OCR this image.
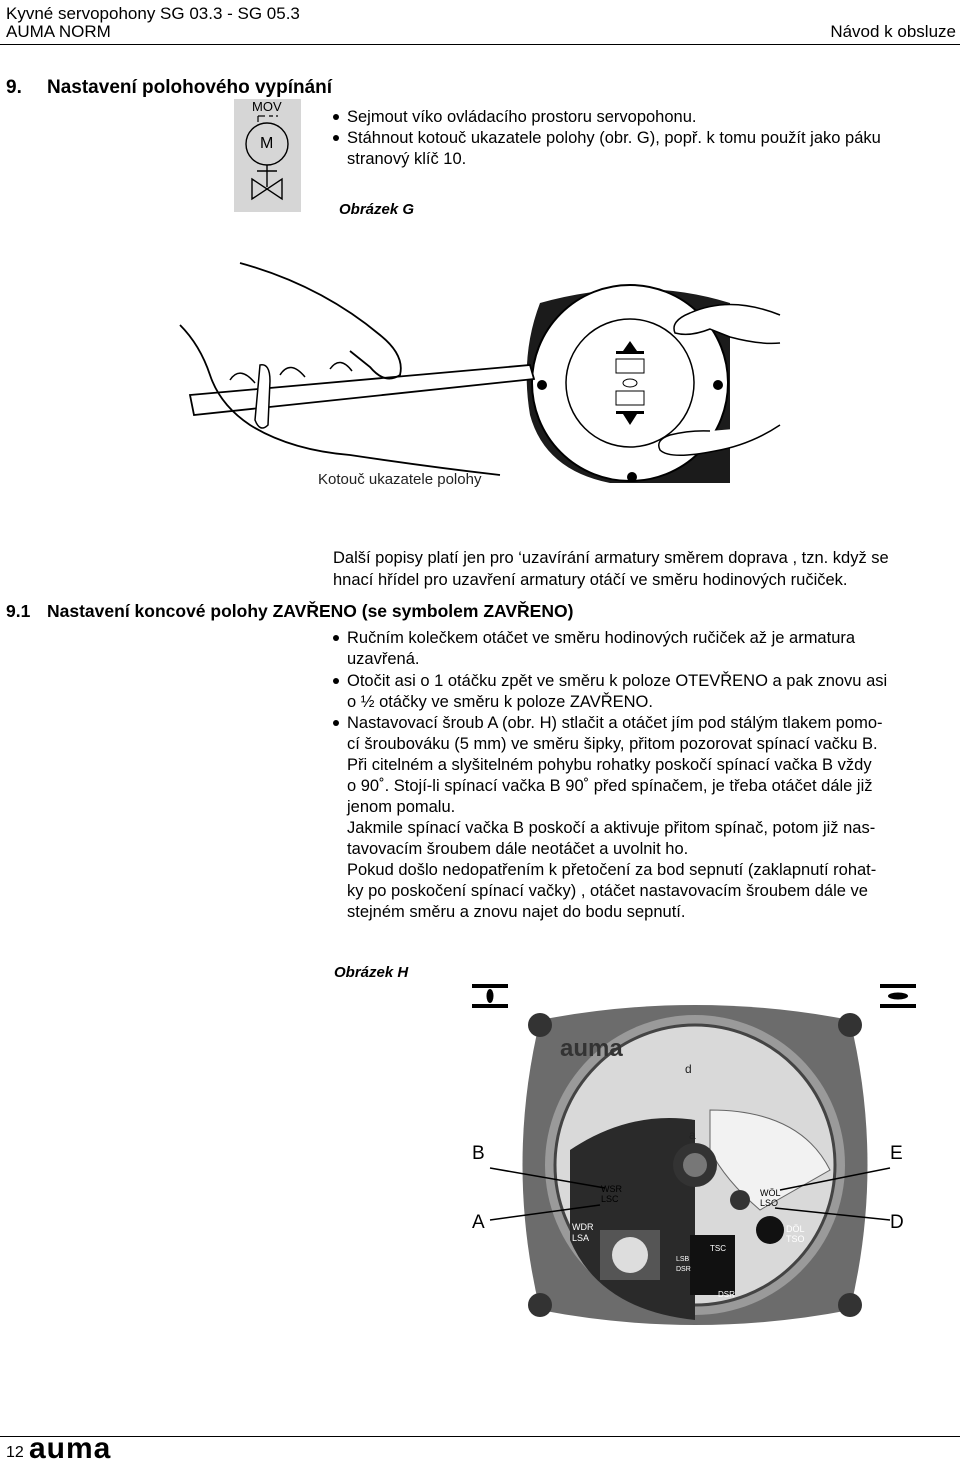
Kyvné servopohony SG 03.3 - SG 05.3
AUMA NORM	Návod k obsluze
9. Nastavení polohového vypínání
MOV
M
Sejmout víko ovládacího prostoru servopohonu.
Stáhnout kotouč ukazatele polohy (obr. G), popř. k tomu použít jako páku
stranový klíč 10.
Obrázek G
Kotouč ukazatele polohy
Další popisy platí jen pro ‘uzavírání armatury směrem doprava , tzn. když se
hnací hřídel pro uzavření armatury otáčí ve směru hodinových ručiček.
9.1 Nastavení koncové polohy ZAVŘENO (se symbolem ZAVŘENO)
Ručním kolečkem otáčet ve směru hodinových ručiček až je armatura
uzavřená.
Otočit asi o 1 otáčku zpět ve směru k poloze OTEVŘENO a pak znovu asi
o ½ otáčky ve směru k poloze ZAVŘENO.
Nastavovací šroub A (obr. H) stlačit a otáčet jím pod stálým tlakem pomo-
cí šroubováku (5 mm) ve směru šipky, přitom pozorovat spínací vačku B.
Při citelném a slyšitelném pohybu rohatky poskočí spínací vačka B vždy
o 90˚. Stojí-li spínací vačka B 90˚ před spínačem, je třeba otáčet dále již
jenom pomalu.
Jakmile spínací vačka B poskočí a aktivuje přitom spínač, potom již nas-
tavovacím šroubem dále neotáčet a uvolnit ho.
Pokud došlo nedopatřením k přetočení za bod sepnutí (zaklapnutí rohat-
ky po poskočení spínací vačky) , otáčet nastavovacím šroubem dále ve
stejném směru a znovu najet do bodu sepnutí.
Obrázek H
auma
d
a
WSR
LSC
WDR
LSA
WÖL
LSO
DÖL
TSO
DSR
TSC
LSB
DSR
B
A
E
D
12 auma
